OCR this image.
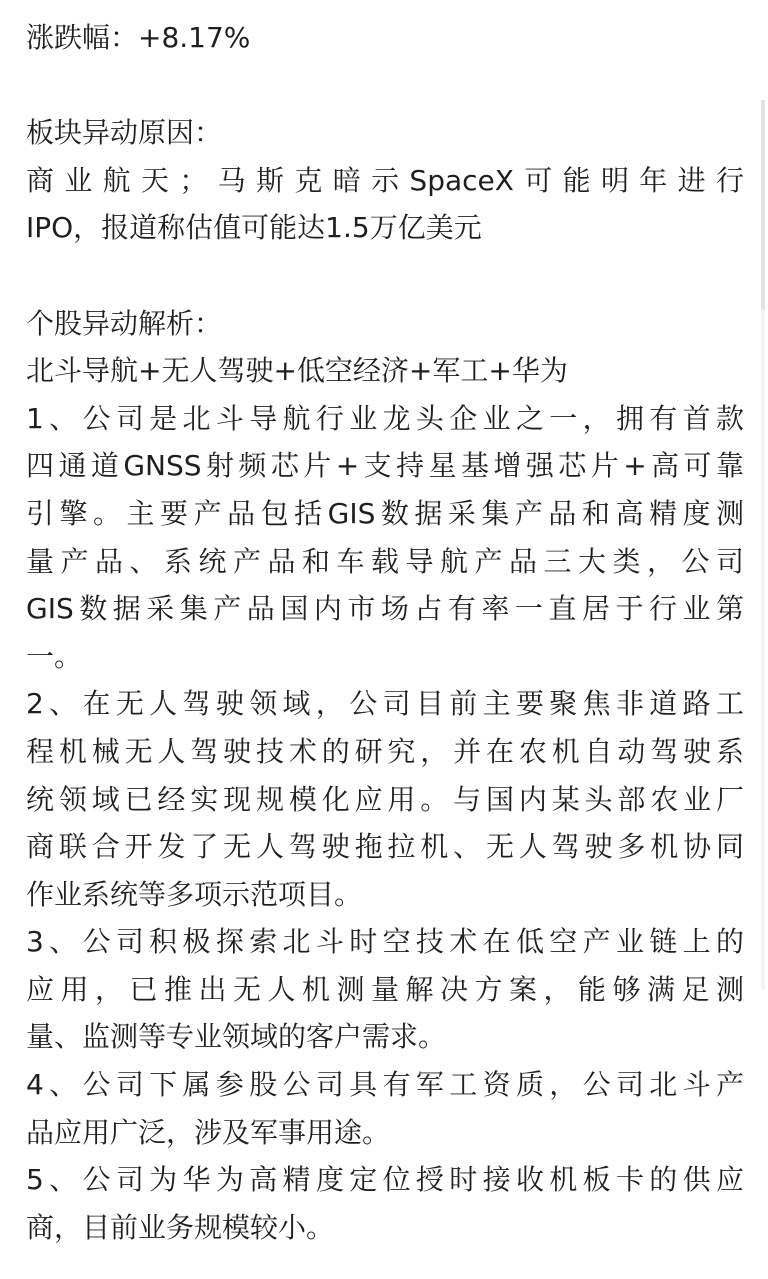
涨跌幅：+8.17%
板块异动原因：
商业航天；马斯克暗示SpaceX可能明年进行
IPO，报道称估值可能达1.5万亿美元
个股异动解析：
北斗导航+无人驾驶+低空经济+军工+华为
1、公司是北斗导航行业龙头企业之一，拥有首款
四通道GNSS射频芯片+支持星基增强芯片+高可靠
引擎。主要产品包括GIS数据采集产品和高精度测
量产品、系统产品和车载导航产品三大类，公司
GIS数据采集产品国内市场占有率一直居于行业第
一。
2、在无人驾驶领域，公司目前主要聚焦非道路工
程机械无人驾驶技术的研究，并在农机自动驾驶系
统领域已经实现规模化应用。与国内某头部农业厂
商联合开发了无人驾驶拖拉机、无人驾驶多机协同
作业系统等多项示范项目。
3、公司积极探索北斗时空技术在低空产业链上的
应用，已推出无人机测量解决方案，能够满足测
量、监测等专业领域的客户需求。
4、公司下属参股公司具有军工资质，公司北斗产
品应用广泛，涉及军事用途。
5、公司为华为高精度定位授时接收机板卡的供应
商，目前业务规模较小。
